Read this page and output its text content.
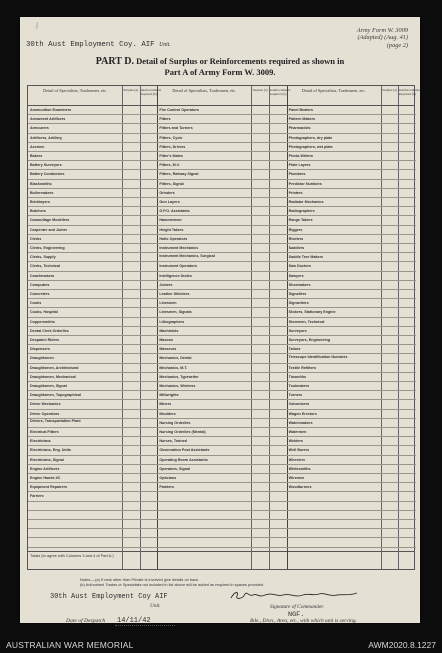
ʃ
Army Form W. 3009
(Adapted) (Aug. 41)
(page 2)
30th Aust Employment Coy. AIF Unit.
PART D. Detail of Surplus or Reinforcements required as shown in
Part A of Army Form W. 3009.
Detail of Specialists, Tradesmen, etc.	Surplus (a) Reinforcements Required (b)
Ammunition Examiners
Armament Artificers
Armourers
Artificers, Artillery
Axemen
Bakers
Battery Surveyors
Battery Conductors
Blacksmiths
Boilermakers
Bricklayers
Butchers
Camouflage Modellers
Carpenter and Joiner
Clerks
Clerks, Engineering
Clerks, Supply
Clerks, Technical
Coachmakers
Computers
Concreters
Cooks
Cooks, Hospital
Coppersmiths
Dental Clerk Orderlies
Despatch Riders
Dispensers
Draughtsmen
Draughtsmen, Architectural
Draughtsmen, Mechanical
Draughtsmen, Signal
Draughtsmen, Topographical
Driver Mechanics
Driver Operators
Drivers, Transportation Plant
Electrical Fitters
Electricians
Electricians, Eng. Units
Electricians, Signal
Engine Artificers
Engine Hands I/C
Equipment Repairers
Farriers
Detail of Specialists, Tradesmen, etc.	Surplus (a) Reinforcements Required (b)
Fire Control Operators
Fitters
Fitters and Turners
Fitters, Cycle
Fitters, Drivers
Fitter's Mates
Fitters, M.V.
Fitters, Railway Signal
Fitters, Signal
Grinders
Gun Layers
G.P.O. Assistants
Hammermen
Height Takers
Hollo Operators
Instrument Mechanics
Instrument Mechanics, Surgical
Instrument Operators
Intelligence Duties
Joiners
Leather Stitchers
Linesmen
Linesmen, Signals
Lithographers
Machinists
Masons
Masseurs
Mechanics, Dental
Mechanics, M.T.
Mechanics, Typewriter
Mechanics, Wireless
Millwrights
Miners
Moulders
Nursing Orderlies
Nursing Orderlies (Mental)
Nurses, Trained
Observation Post Assistants
Operating Room Assistants
Operators, Signal
Opticians
Painters
Detail of Specialists, Tradesmen, etc.	Surplus (a) Reinforcements Required (b)
Panel Beaters
Pattern Makers
Pharmacists
Photographers, dry plate
Photographers, wet plate
Photo-Writers
Plate Layers
Plumbers
Predictor Numbers
Printers
Radiator Mechanics
Radiographers
Range Takers
Riggers
Riveters
Saddlers
Saddle Tree Makers
Saw Doctors
Sawyers
Shoemakers
Signallers
Signwriters
Stokers, Stationary Engine
Storemen, Technical
Surveyors
Surveyors, Engineering
Tailors
Telescope Identification Numbers
Textile Refitters
Tinsmiths
Toolmakers
Turners
Vulcanisers
Wagon Erectors
Watchmakers
Watermen
Welders
Well Borers
Wheelers
Whitesmiths
Wiremen
Woodturners
Totals (to agree with Columns 3 and 4 of Part A.)
Notes.—(a) If rank other than Private is involved give details on back.
(b) Authorised Trades or Specialists not included in list above will be added as required in spaces provided.
30th Aust Employment Coy AIF
Unit.	Signature of Commander.
NGF.
Date of Despatch 14/11/42	Bde., Divn., Area, etc., with which unit is serving.
AUSTRALIAN WAR MEMORIAL	AWM2020.8.1227
